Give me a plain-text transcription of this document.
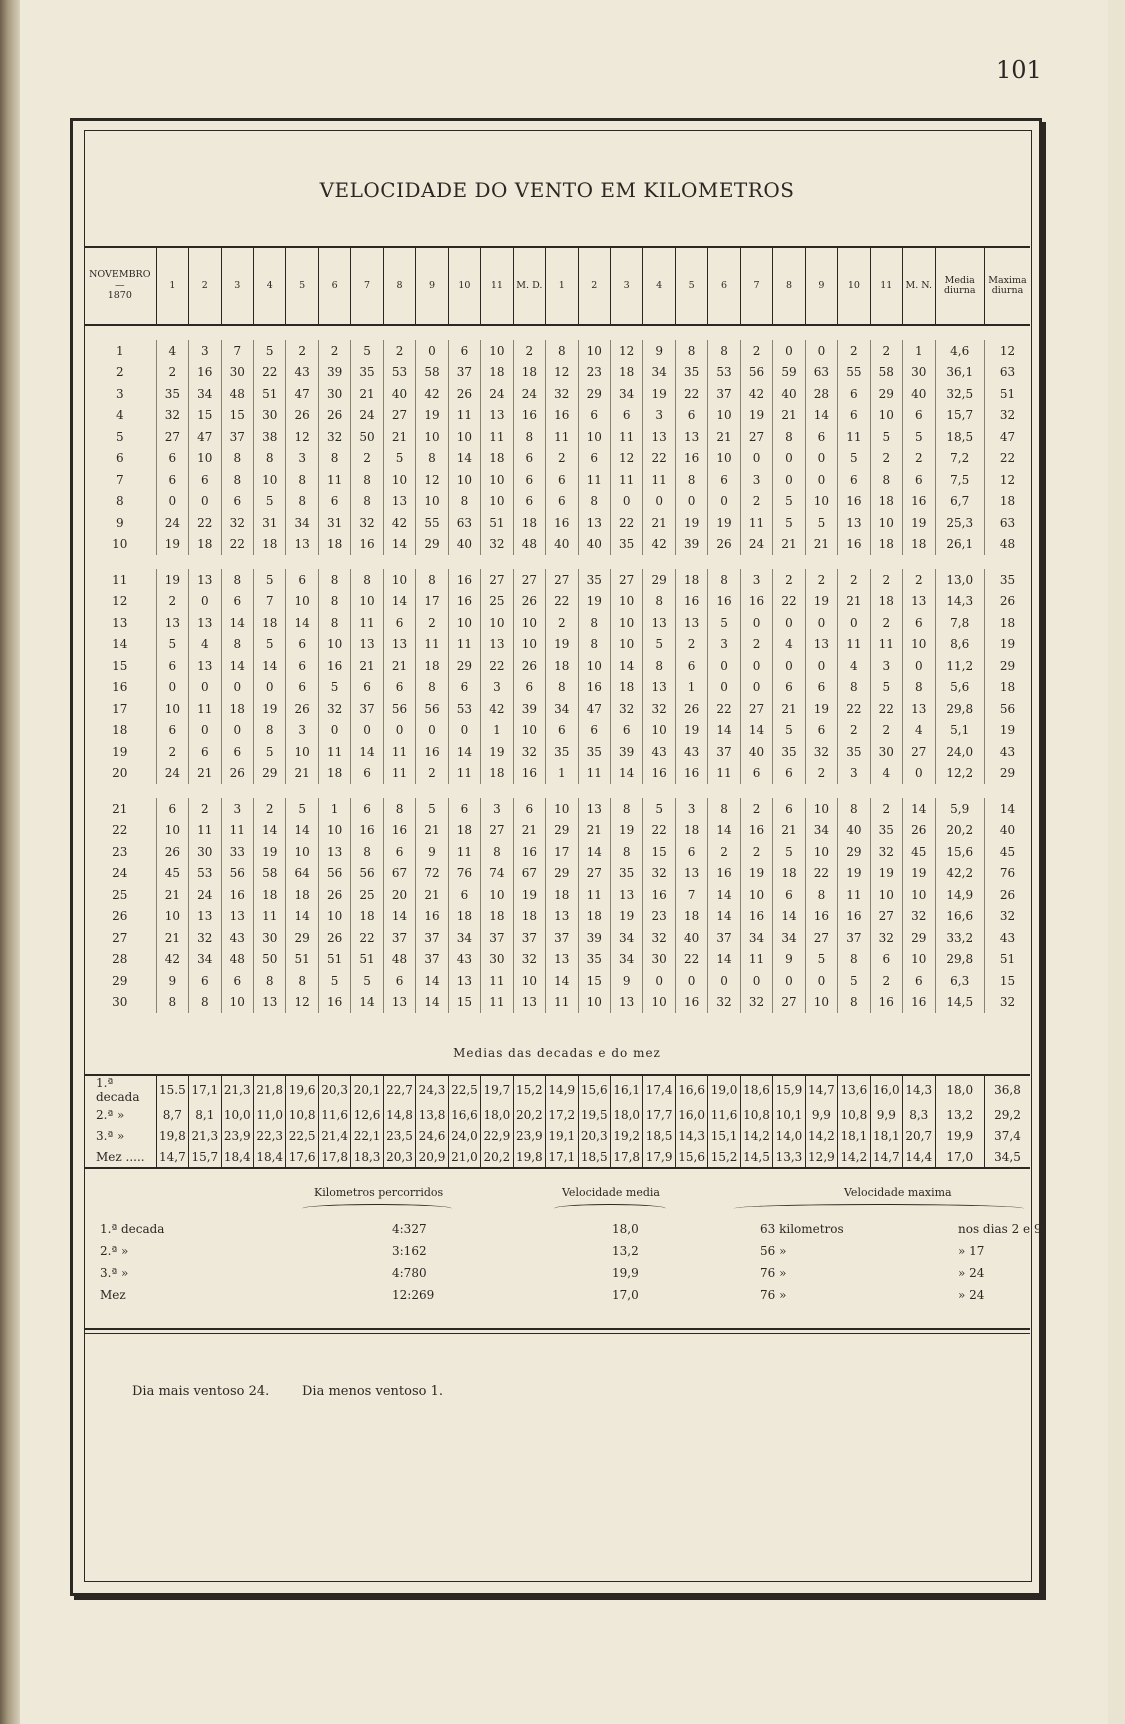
101
VELOCIDADE DO VENTO EM KILOMETROS
NOVEMBRO
—
1870	1	2	3	4	5	6	7	8	9	10	11	M. D.	1	2	3	4	5	6	7	8	9	10	11	M. N.	Media diurna	Maxima diurna

1	4	3	7	5	2	2	5	2	0	6	10	2	8	10	12	9	8	8	2	0	0	2	2	1	4,6	12
2	2	16	30	22	43	39	35	53	58	37	18	18	12	23	18	34	35	53	56	59	63	55	58	30	36,1	63
3	35	34	48	51	47	30	21	40	42	26	24	24	32	29	34	19	22	37	42	40	28	6	29	40	32,5	51
4	32	15	15	30	26	26	24	27	19	11	13	16	16	6	6	3	6	10	19	21	14	6	10	6	15,7	32
5	27	47	37	38	12	32	50	21	10	10	11	8	11	10	11	13	13	21	27	8	6	11	5	5	18,5	47
6	6	10	8	8	3	8	2	5	8	14	18	6	2	6	12	22	16	10	0	0	0	5	2	2	7,2	22
7	6	6	8	10	8	11	8	10	12	10	10	6	6	11	11	11	8	6	3	0	0	6	8	6	7,5	12
8	0	0	6	5	8	6	8	13	10	8	10	6	6	8	0	0	0	0	2	5	10	16	18	16	6,7	18
9	24	22	32	31	34	31	32	42	55	63	51	18	16	13	22	21	19	19	11	5	5	13	10	19	25,3	63
10	19	18	22	18	13	18	16	14	29	40	32	48	40	40	35	42	39	26	24	21	21	16	18	18	26,1	48

11	19	13	8	5	6	8	8	10	8	16	27	27	27	35	27	29	18	8	3	2	2	2	2	2	13,0	35
12	2	0	6	7	10	8	10	14	17	16	25	26	22	19	10	8	16	16	16	22	19	21	18	13	14,3	26
13	13	13	14	18	14	8	11	6	2	10	10	10	2	8	10	13	13	5	0	0	0	0	2	6	7,8	18
14	5	4	8	5	6	10	13	13	11	11	13	10	19	8	10	5	2	3	2	4	13	11	11	10	8,6	19
15	6	13	14	14	6	16	21	21	18	29	22	26	18	10	14	8	6	0	0	0	0	4	3	0	11,2	29
16	0	0	0	0	6	5	6	6	8	6	3	6	8	16	18	13	1	0	0	6	6	8	5	8	5,6	18
17	10	11	18	19	26	32	37	56	56	53	42	39	34	47	32	32	26	22	27	21	19	22	22	13	29,8	56
18	6	0	0	8	3	0	0	0	0	0	1	10	6	6	6	10	19	14	14	5	6	2	2	4	5,1	19
19	2	6	6	5	10	11	14	11	16	14	19	32	35	35	39	43	43	37	40	35	32	35	30	27	24,0	43
20	24	21	26	29	21	18	6	11	2	11	18	16	1	11	14	16	16	11	6	6	2	3	4	0	12,2	29

21	6	2	3	2	5	1	6	8	5	6	3	6	10	13	8	5	3	8	2	6	10	8	2	14	5,9	14
22	10	11	11	14	14	10	16	16	21	18	27	21	29	21	19	22	18	14	16	21	34	40	35	26	20,2	40
23	26	30	33	19	10	13	8	6	9	11	8	16	17	14	8	15	6	2	2	5	10	29	32	45	15,6	45
24	45	53	56	58	64	56	56	67	72	76	74	67	29	27	35	32	13	16	19	18	22	19	19	19	42,2	76
25	21	24	16	18	18	26	25	20	21	6	10	19	18	11	13	16	7	14	10	6	8	11	10	10	14,9	26
26	10	13	13	11	14	10	18	14	16	18	18	18	13	18	19	23	18	14	16	14	16	16	27	32	16,6	32
27	21	32	43	30	29	26	22	37	37	34	37	37	37	39	34	32	40	37	34	34	27	37	32	29	33,2	43
28	42	34	48	50	51	51	51	48	37	43	30	32	13	35	34	30	22	14	11	9	5	8	6	10	29,8	51
29	9	6	6	8	8	5	5	6	14	13	11	10	14	15	9	0	0	0	0	0	0	5	2	6	6,3	15
30	8	8	10	13	12	16	14	13	14	15	11	13	11	10	13	10	16	32	32	27	10	8	16	16	14,5	32

Medias das decadas e do mez
1.ª decada	15.5	17,1	21,3	21,8	19,6	20,3	20,1	22,7	24,3	22,5	19,7	15,2	14,9	15,6	16,1	17,4	16,6	19,0	18,6	15,9	14,7	13,6	16,0	14,3	18,0	36,8
2.ª »	8,7	8,1	10,0	11,0	10,8	11,6	12,6	14,8	13,8	16,6	18,0	20,2	17,2	19,5	18,0	17,7	16,0	11,6	10,8	10,1	9,9	10,8	9,9	8,3	13,2	29,2
3.ª »	19,8	21,3	23,9	22,3	22,5	21,4	22,1	23,5	24,6	24,0	22,9	23,9	19,1	20,3	19,2	18,5	14,3	15,1	14,2	14,0	14,2	18,1	18,1	20,7	19,9	37,4
Mez .....	14,7	15,7	18,4	18,4	17,6	17,8	18,3	20,3	20,9	21,0	20,2	19,8	17,1	18,5	17,8	17,9	15,6	15,2	14,5	13,3	12,9	14,2	14,7	14,4	17,0	34,5
Kilometros percorridos	Velocidade media	Velocidade maxima
1.ª decada	4:327	18,0	63 kilometros	nos dias 2 e 9
2.ª »	3:162	13,2	56 »	» 17
3.ª »	4:780	19,9	76 »	» 24
Mez	12:269	17,0	76 »	» 24
Dia mais ventoso 24.	Dia menos ventoso 1.
